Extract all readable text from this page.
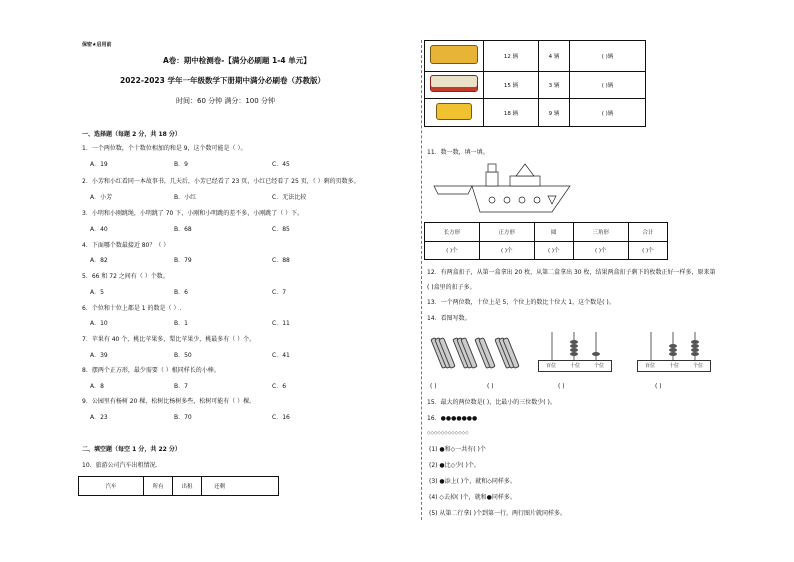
保密★启用前
A卷：期中检测卷-【满分必刷题 1-4 单元】
2022-2023 学年一年级数学下册期中满分必刷卷（苏教版）
时间：60 分钟 满分：100 分钟
一、选择题（每题 2 分，共 18 分）
1．一个两位数，个十数位相加的和是 9，这个数可能是（ ）。
A．19	B．9	C．45
2．小芳和小红看同一本故事书，几天后，小芳已经看了 23 页，小红已经看了 25 页，（ ）剩的页数多。
A．小芳	B．小红	C．无法比较
3．小明和小刚跳绳，小明跳了 70 下，小刚和小明跳的差不多，小刚跳了（ ）下。
A．40	B．68	C．85
4．下面哪个数最接近 80？（ ）
A．82	B．79	C．88
5．66 和 72 之间有（ ）个数。
A．5	B．6	C．7
6．个位和十位上都是 1 的数是（ ）.
A．10	B．1	C．11
7．苹果有 40 个，桃比苹果多，梨比苹果少，桃最多有（ ）个。
A．39	B．50	C．41
8．摆两个正方形，最少需要（ ）根同样长的小棒。
A．8	B．7	C．6
9．公园里有杨树 20 棵，松树比杨树多些，松树可能有（ ）棵。
A．23	B．70	C．16
二、填空题（每空 1 分，共 22 分）
10．旅游公司汽车出租情况.
汽车	所有	出租	还剩	
	12 辆	4 辆	( )辆
	15 辆	3 辆	( )辆
	18 辆	9 辆	( )辆
11．数一数，填一填。
长方形	正方形	圆	三角形	合计
( )个	( )个	( )个	( )个	( )个
12．有两盒扣子，从第一盒拿出 20 枚，从第二盒拿出 30 枚，结果两盒扣子剩下的枚数正好一样多，原来第
( )盒里的扣子多。
13．一个两位数，十位上是 5，个位上的数比十位大 1，这个数是( )。
14．看图写数。
百位	十位	个位	百位	十位	个位
( )	( )	( )	( )
15．最大的两位数是( )，比最小的三位数少( )。
16．●●●●●●●
◇◇◇◇◇◇◇◇◇◇◇◇
(1) ●和◇一共有( )个
(2) ●比◇少( )个。
(3) ●添上( )个，就和◇同样多。
(4) ◇去掉( )个，就和●同样多。
(5) 从第二行拿( )个到第一行，两行图片就同样多。
